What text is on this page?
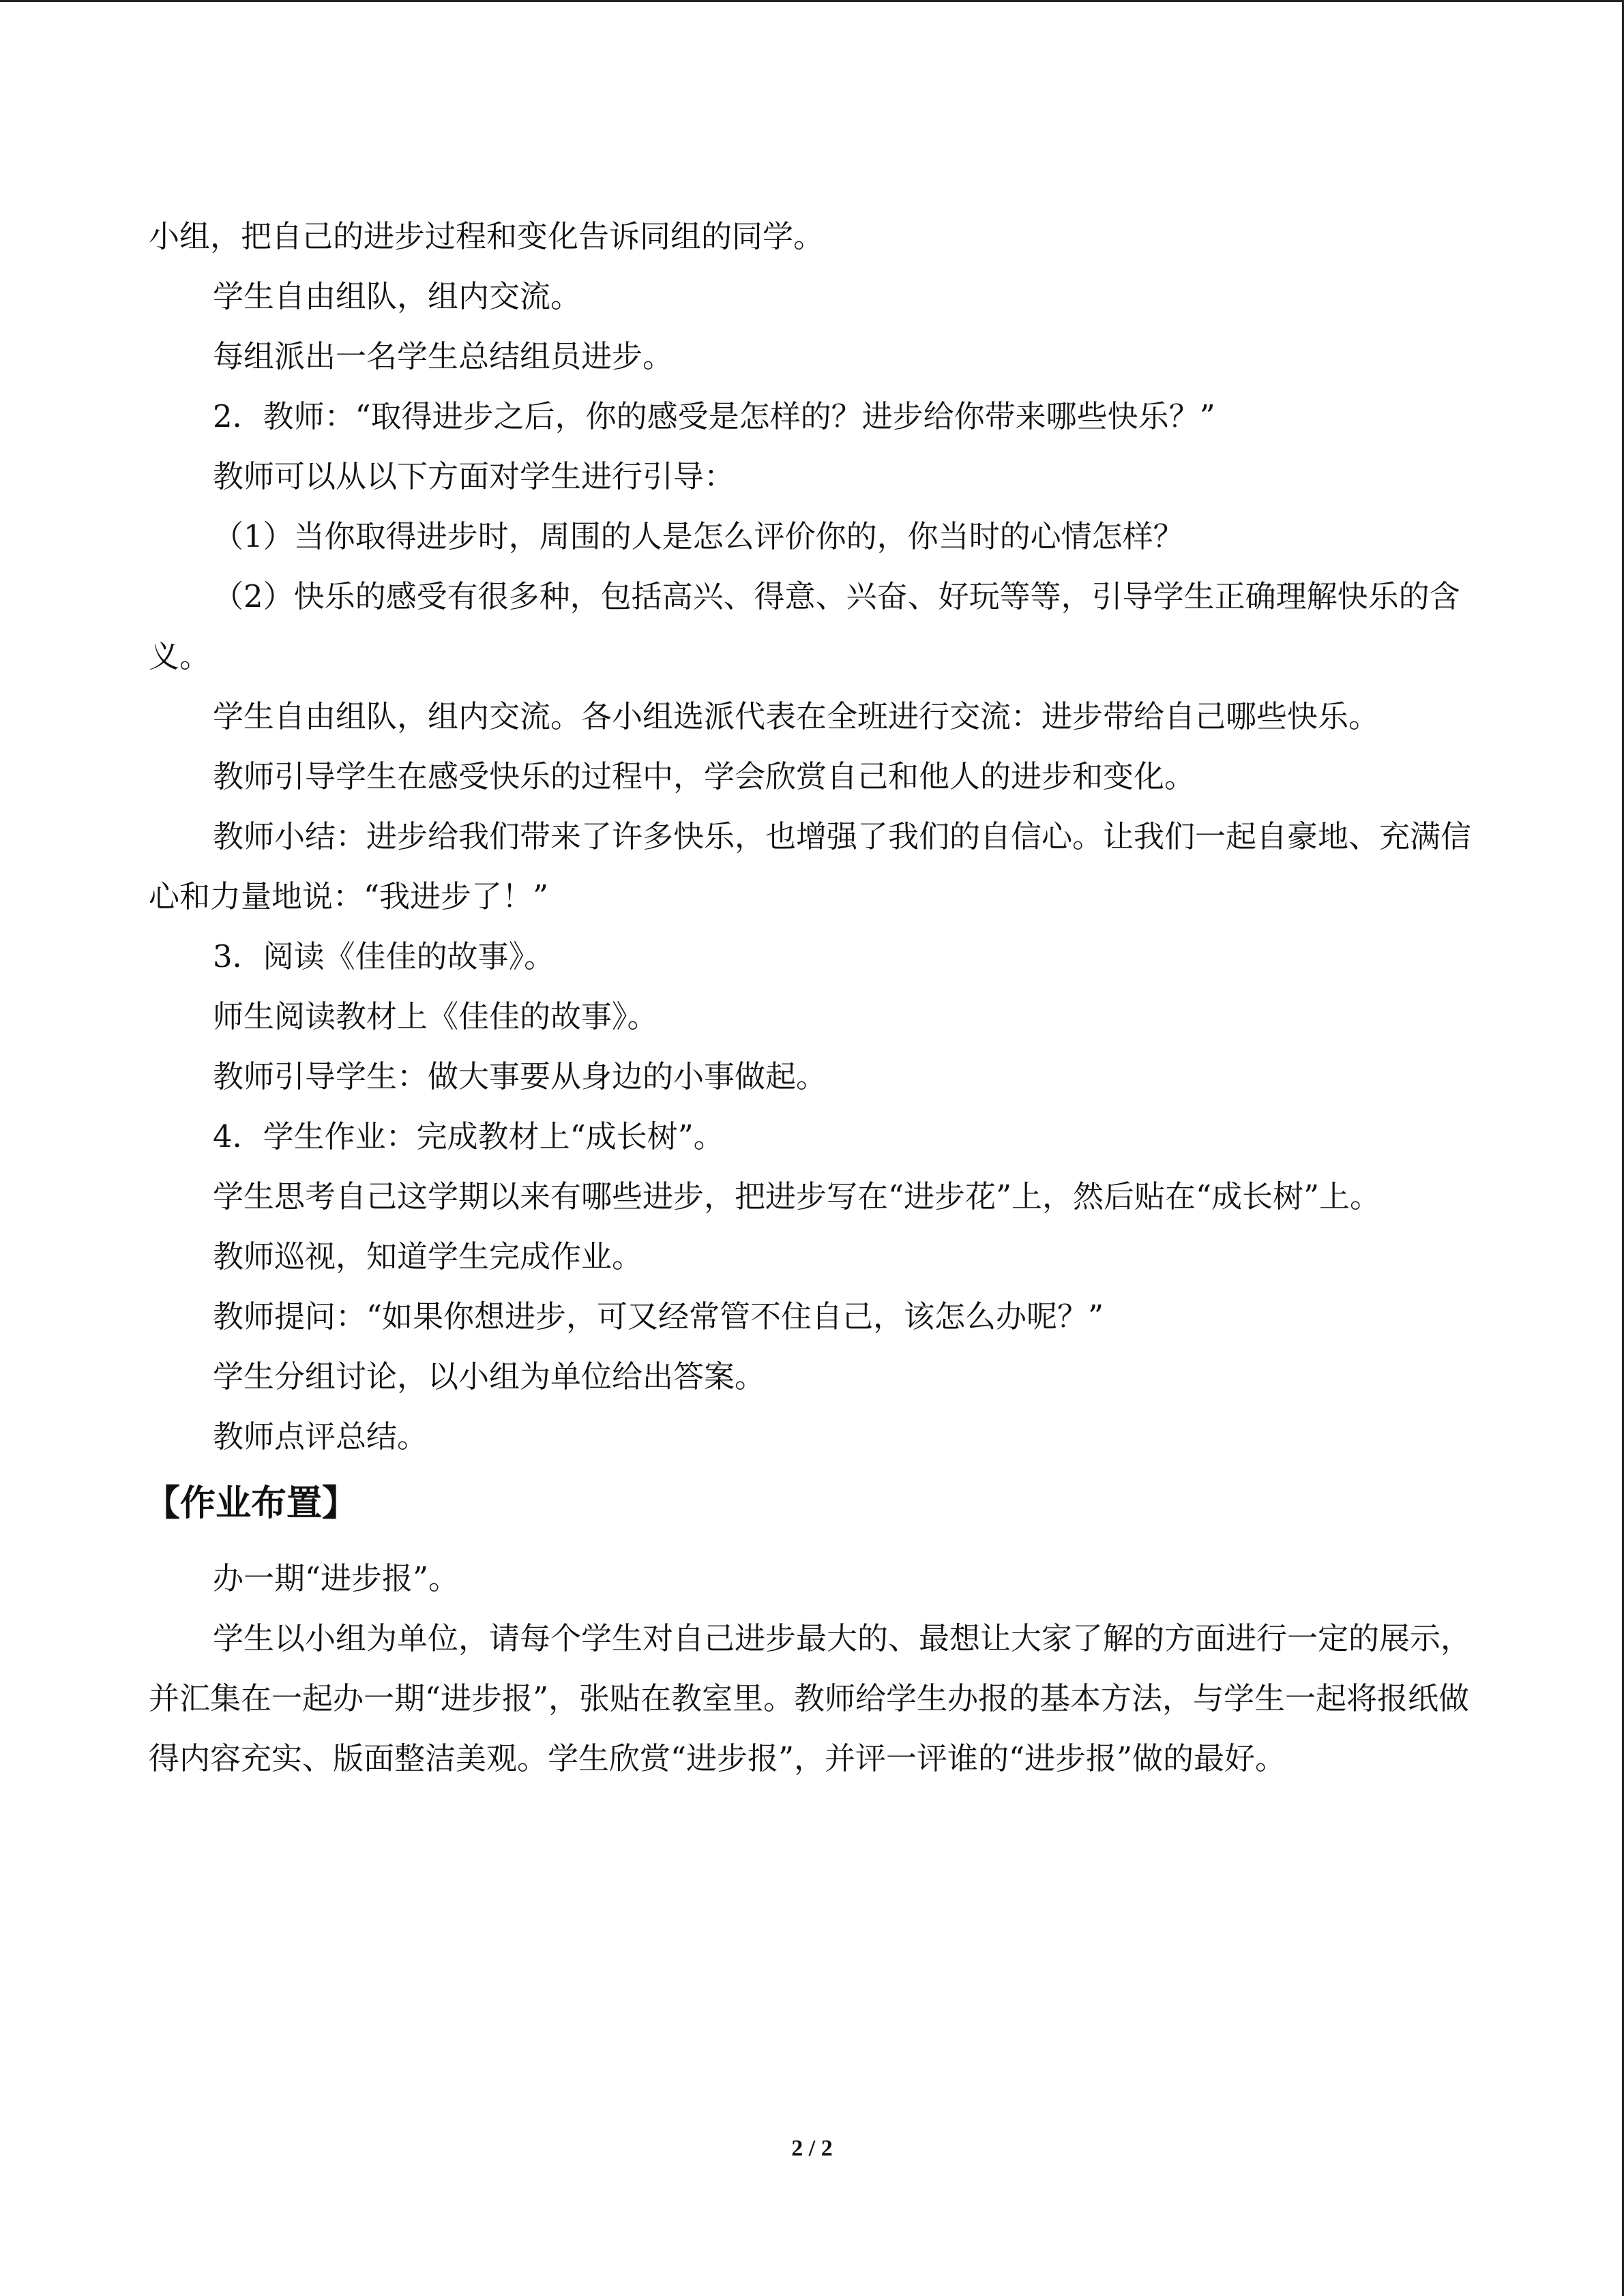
小组，把自己的进步过程和变化告诉同组的同学。

学生自由组队，组内交流。

每组派出一名学生总结组员进步。

2．教师：“取得进步之后，你的感受是怎样的？进步给你带来哪些快乐？”

教师可以从以下方面对学生进行引导：

（1）当你取得进步时，周围的人是怎么评价你的，你当时的心情怎样？

（2）快乐的感受有很多种，包括高兴、得意、兴奋、好玩等等，引导学生正确理解快乐的含义。

学生自由组队，组内交流。各小组选派代表在全班进行交流：进步带给自己哪些快乐。

教师引导学生在感受快乐的过程中，学会欣赏自己和他人的进步和变化。

教师小结：进步给我们带来了许多快乐，也增强了我们的自信心。让我们一起自豪地、充满信心和力量地说：“我进步了！”

3．阅读《佳佳的故事》。

师生阅读教材上《佳佳的故事》。

教师引导学生：做大事要从身边的小事做起。

4．学生作业：完成教材上“成长树”。

学生思考自己这学期以来有哪些进步，把进步写在“进步花”上，然后贴在“成长树”上。

教师巡视，知道学生完成作业。

教师提问：“如果你想进步，可又经常管不住自己，该怎么办呢？”

学生分组讨论，以小组为单位给出答案。

教师点评总结。

【作业布置】

办一期“进步报”。

学生以小组为单位，请每个学生对自己进步最大的、最想让大家了解的方面进行一定的展示，并汇集在一起办一期“进步报”，张贴在教室里。教师给学生办报的基本方法，与学生一起将报纸做得内容充实、版面整洁美观。学生欣赏“进步报”，并评一评谁的“进步报”做的最好。

2 / 2
